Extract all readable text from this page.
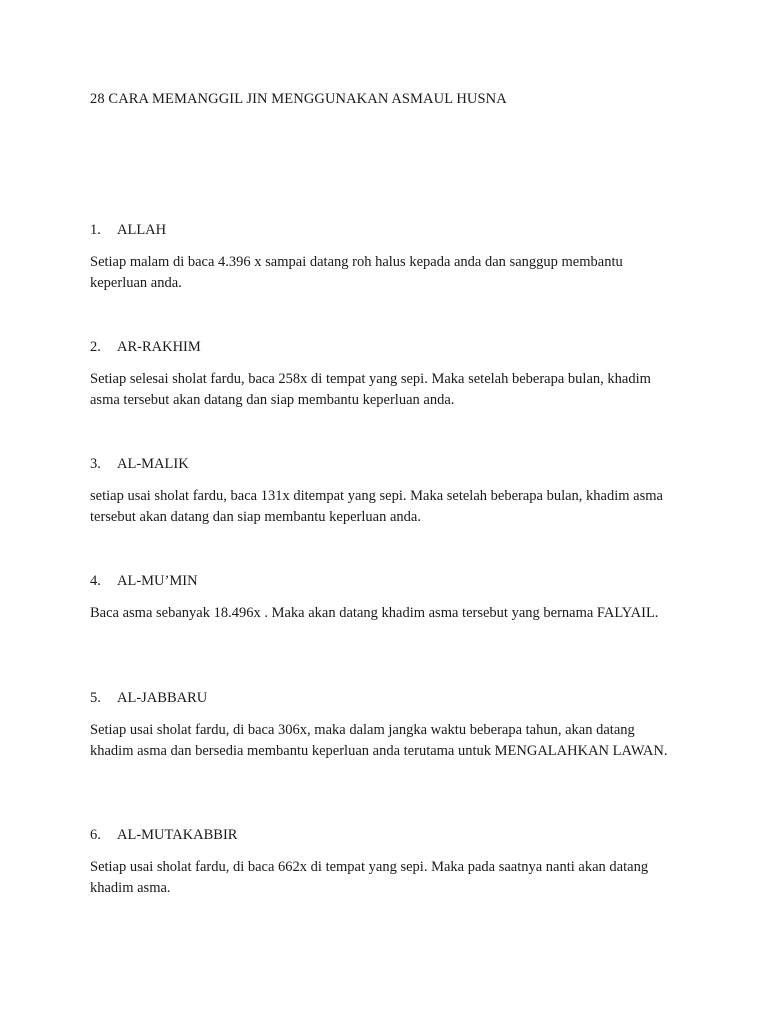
28 CARA MEMANGGIL JIN MENGGUNAKAN ASMAUL HUSNA
1. ALLAH
Setiap malam di baca 4.396 x sampai datang roh halus kepada anda dan sanggup membantu keperluan anda.
2. AR-RAKHIM
Setiap selesai sholat fardu, baca 258x di tempat yang sepi. Maka setelah beberapa bulan, khadim asma tersebut akan datang dan siap membantu keperluan anda.
3. AL-MALIK
setiap usai sholat fardu, baca 131x ditempat yang sepi. Maka setelah beberapa bulan, khadim asma tersebut akan datang dan siap membantu keperluan anda.
4. AL-MU’MIN
Baca asma sebanyak 18.496x . Maka akan datang khadim asma tersebut yang bernama FALYAIL.
5. AL-JABBARU
Setiap usai sholat fardu, di baca 306x, maka dalam jangka waktu beberapa tahun, akan datang khadim asma dan bersedia membantu keperluan anda terutama untuk MENGALAHKAN LAWAN.
6. AL-MUTAKABBIR
Setiap usai sholat fardu, di baca 662x di tempat yang sepi. Maka pada saatnya nanti akan datang khadim asma.
